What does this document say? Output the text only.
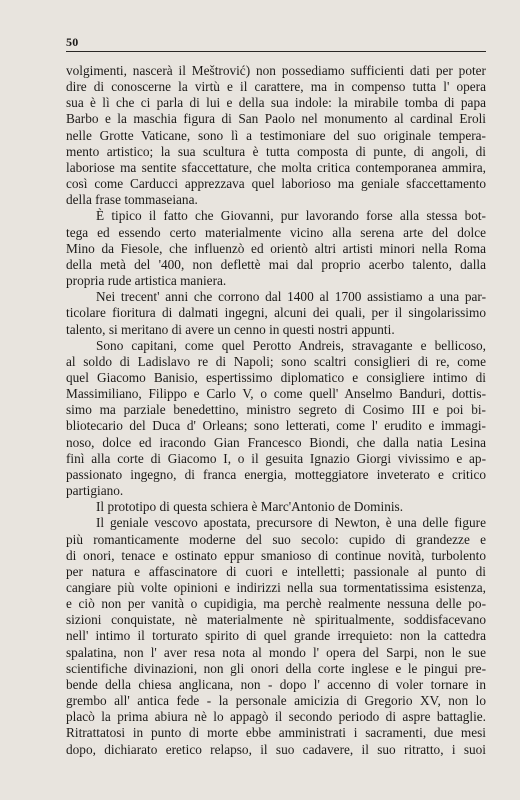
50
volgimenti, nascerà il Meštrović) non possediamo sufficienti dati per poter
dire di conoscerne la virtù e il carattere, ma in compenso tutta l' opera
sua è lì che ci parla di lui e della sua indole: la mirabile tomba di papa
Barbo e la maschia figura di San Paolo nel monumento al cardinal Eroli
nelle Grotte Vaticane, sono lì a testimoniare del suo originale tempera-
mento artistico; la sua scultura è tutta composta di punte, di angoli, di
laboriose ma sentite sfaccettature, che molta critica contemporanea ammira,
così come Carducci apprezzava quel laborioso ma geniale sfaccettamento
della frase tommaseiana.
È tipico il fatto che Giovanni, pur lavorando forse alla stessa bot-
tega ed essendo certo materialmente vicino alla serena arte del dolce
Mino da Fiesole, che influenzò ed orientò altri artisti minori nella Roma
della metà del '400, non deflettè mai dal proprio acerbo talento, dalla
propria rude artistica maniera.
Nei trecent' anni che corrono dal 1400 al 1700 assistiamo a una par-
ticolare fioritura di dalmati ingegni, alcuni dei quali, per il singolarissimo
talento, si meritano di avere un cenno in questi nostri appunti.
Sono capitani, come quel Perotto Andreis, stravagante e bellicoso,
al soldo di Ladislavo re di Napoli; sono scaltri consiglieri di re, come
quel Giacomo Banisio, espertissimo diplomatico e consigliere intimo di
Massimiliano, Filippo e Carlo V, o come quell' Anselmo Banduri, dottis-
simo ma parziale benedettino, ministro segreto di Cosimo III e poi bi-
bliotecario del Duca d' Orleans; sono letterati, come l' erudito e immagi-
noso, dolce ed iracondo Gian Francesco Biondi, che dalla natia Lesina
finì alla corte di Giacomo I, o il gesuita Ignazio Giorgi vivissimo e ap-
passionato ingegno, di franca energia, motteggiatore inveterato e critico
partigiano.
Il prototipo di questa schiera è Marc'Antonio de Dominis.
Il geniale vescovo apostata, precursore di Newton, è una delle figure
più romanticamente moderne del suo secolo: cupido di grandezze e
di onori, tenace e ostinato eppur smanioso di continue novità, turbolento
per natura e affascinatore di cuori e intelletti; passionale al punto di
cangiare più volte opinioni e indirizzi nella sua tormentatissima esistenza,
e ciò non per vanità o cupidigia, ma perchè realmente nessuna delle po-
sizioni conquistate, nè materialmente nè spiritualmente, soddisfacevano
nell' intimo il torturato spirito di quel grande irrequieto: non la cattedra
spalatina, non l' aver resa nota al mondo l' opera del Sarpi, non le sue
scientifiche divinazioni, non gli onori della corte inglese e le pingui pre-
bende della chiesa anglicana, non - dopo l' accenno di voler tornare in
grembo all' antica fede - la personale amicizia di Gregorio XV, non lo
placò la prima abiura nè lo appagò il secondo periodo di aspre battaglie.
Ritrattatosi in punto di morte ebbe amministrati i sacramenti, due mesi
dopo, dichiarato eretico relapso, il suo cadavere, il suo ritratto, i suoi
